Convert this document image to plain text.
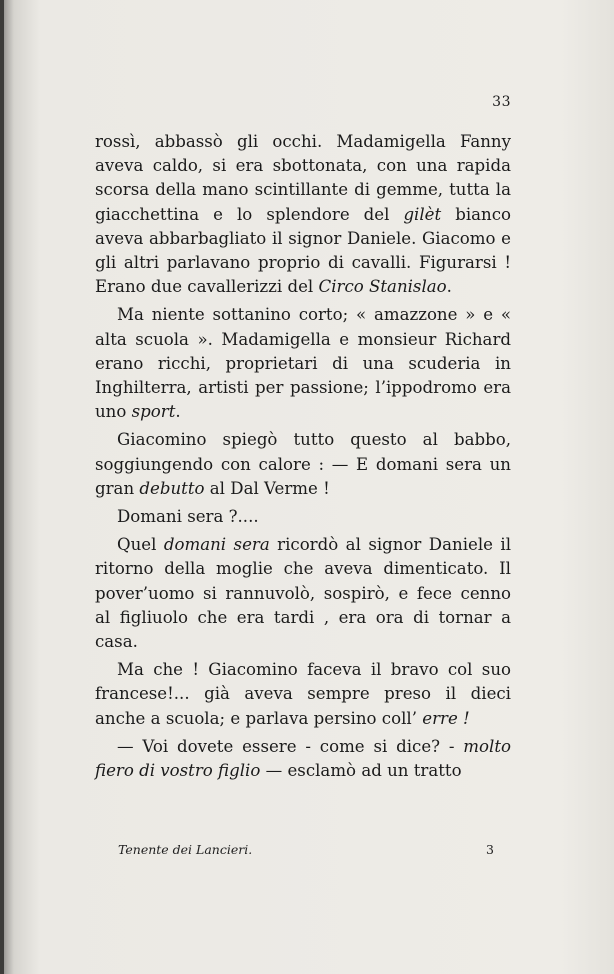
33

rossì, abbassò gli occhi. Madamigella Fanny aveva caldo, si era sbottonata, con una rapida scorsa della mano scintillante di gemme, tutta la giacchettina e lo splendore del gilèt bianco aveva abbarbagliato il signor Daniele. Giacomo e gli altri parlavano proprio di cavalli. Figurarsi ! Erano due cavallerizzi del Circo Stanislao.

Ma niente sottanino corto; « amazzone » e « alta scuola ». Madamigella e monsieur Richard erano ricchi, proprietari di una scuderia in Inghilterra, artisti per passione; l’ippodromo era uno sport.

Giacomino spiegò tutto questo al babbo, soggiungendo con calore : — E domani sera un gran debutto al Dal Verme !

Domani sera ?....

Quel domani sera ricordò al signor Daniele il ritorno della moglie che aveva dimenticato. Il pover’uomo si rannuvolò, sospirò, e fece cenno al figliuolo che era tardi , era ora di tornar a casa.

Ma che ! Giacomino faceva il bravo col suo francese!... già aveva sempre preso il dieci anche a scuola; e parlava persino coll’ erre !

— Voi dovete essere - come si dice? - molto fiero di vostro figlio — esclamò ad un tratto

Tenente dei Lancieri.	3
